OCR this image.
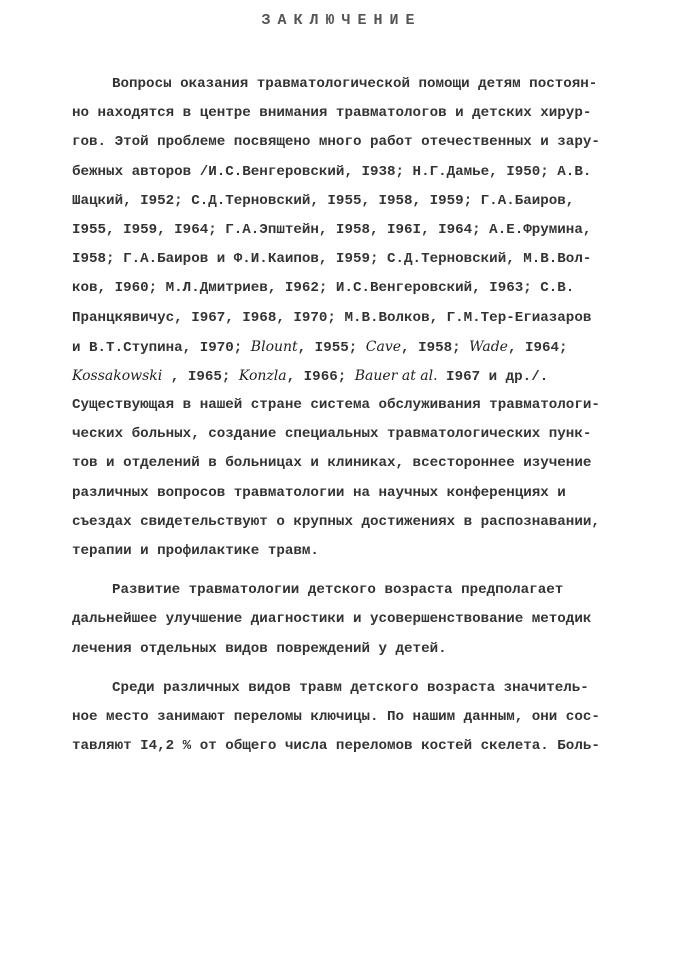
ЗАКЛЮЧЕНИЕ
Вопросы оказания травматологической помощи детям постоян-
но находятся в центре внимания травматологов и детских хирур-
гов. Этой проблеме посвящено много работ отечественных и зару-
бежных авторов /И.С.Венгеровский, I938; Н.Г.Дамье, I950; А.В.
Шацкий, I952; С.Д.Терновский, I955, I958, I959; Г.А.Баиров,
I955, I959, I964; Г.А.Эпштейн, I958, I96I, I964; А.Е.Фрумина,
I958; Г.А.Баиров и Ф.И.Каипов, I959; С.Д.Терновский, М.В.Вол-
ков, I960; М.Л.Дмитриев, I962; И.С.Венгеровский, I963; С.В.
Пранцкявичус, I967, I968, I970; М.В.Волков, Г.М.Тер-Егиазаров
и В.Т.Ступина, I970; Blount, I955; Cave, I958; Wade, I964;
Kossakowski , I965; Konzla, I966; Bauer at al. I967 и др./.
Существующая в нашей стране система обслуживания травматологи-
ческих больных, создание специальных травматологических пунк-
тов и отделений в больницах и клиниках, всестороннее изучение
различных вопросов травматологии на научных конференциях и
съездах свидетельствуют о крупных достижениях в распознавании,
терапии и профилактике травм.
Развитие травматологии детского возраста предполагает
дальнейшее улучшение диагностики и усовершенствование методик
лечения отдельных видов повреждений у детей.
Среди различных видов травм детского возраста значитель-
ное место занимают переломы ключицы. По нашим данным, они сос-
тавляют I4,2 % от общего числа переломов костей скелета. Боль-
